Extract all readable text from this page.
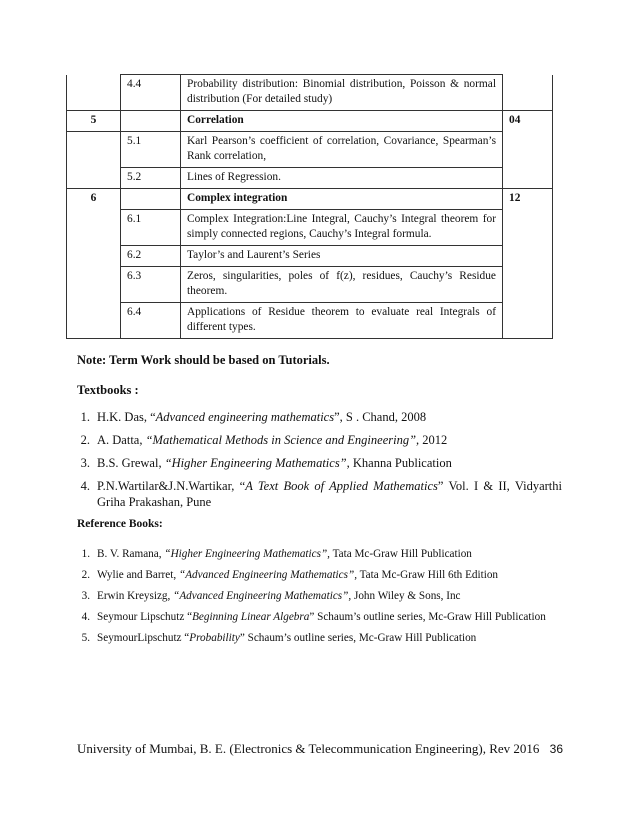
	4.4	Probability distribution: Binomial distribution, Poisson & normal distribution (For detailed study)	
5		Correlation	04
	5.1	Karl Pearson’s coefficient of correlation, Covariance, Spearman’s Rank correlation,	
	5.2	Lines of Regression.	
6		Complex integration	12
	6.1	Complex Integration:Line Integral, Cauchy’s Integral theorem for simply connected regions, Cauchy’s Integral formula.	
	6.2	Taylor’s and Laurent’s Series	
	6.3	Zeros, singularities, poles of f(z), residues, Cauchy’s Residue theorem.	
	6.4	Applications of Residue theorem to evaluate real Integrals of different types.	
Note: Term Work should be based on Tutorials.
Textbooks :
1 . H.K. Das, “Advanced engineering mathematics”, S . Chand, 2008
2 . A. Datta, “Mathematical Methods in Science and Engineering”, 2012
3 . B.S. Grewal, “Higher Engineering Mathematics”, Khanna Publication
4 . P.N.Wartilar&J.N.Wartikar, “A Text Book of Applied Mathematics” Vol. I & II, Vidyarthi Griha Prakashan, Pune
Reference Books:
1 . B. V. Ramana, “Higher Engineering Mathematics”, Tata Mc-Graw Hill Publication
2 . Wylie and Barret, “Advanced Engineering Mathematics”, Tata Mc-Graw Hill 6th Edition
3 . Erwin Kreysizg, “Advanced Engineering Mathematics”, John Wiley & Sons, Inc
4 . Seymour Lipschutz “Beginning Linear Algebra” Schaum’s outline series, Mc-Graw Hill Publication
5 . SeymourLipschutz “Probability” Schaum’s outline series, Mc-Graw Hill Publication
University of Mumbai, B. E. (Electronics & Telecommunication Engineering), Rev 2016 36
